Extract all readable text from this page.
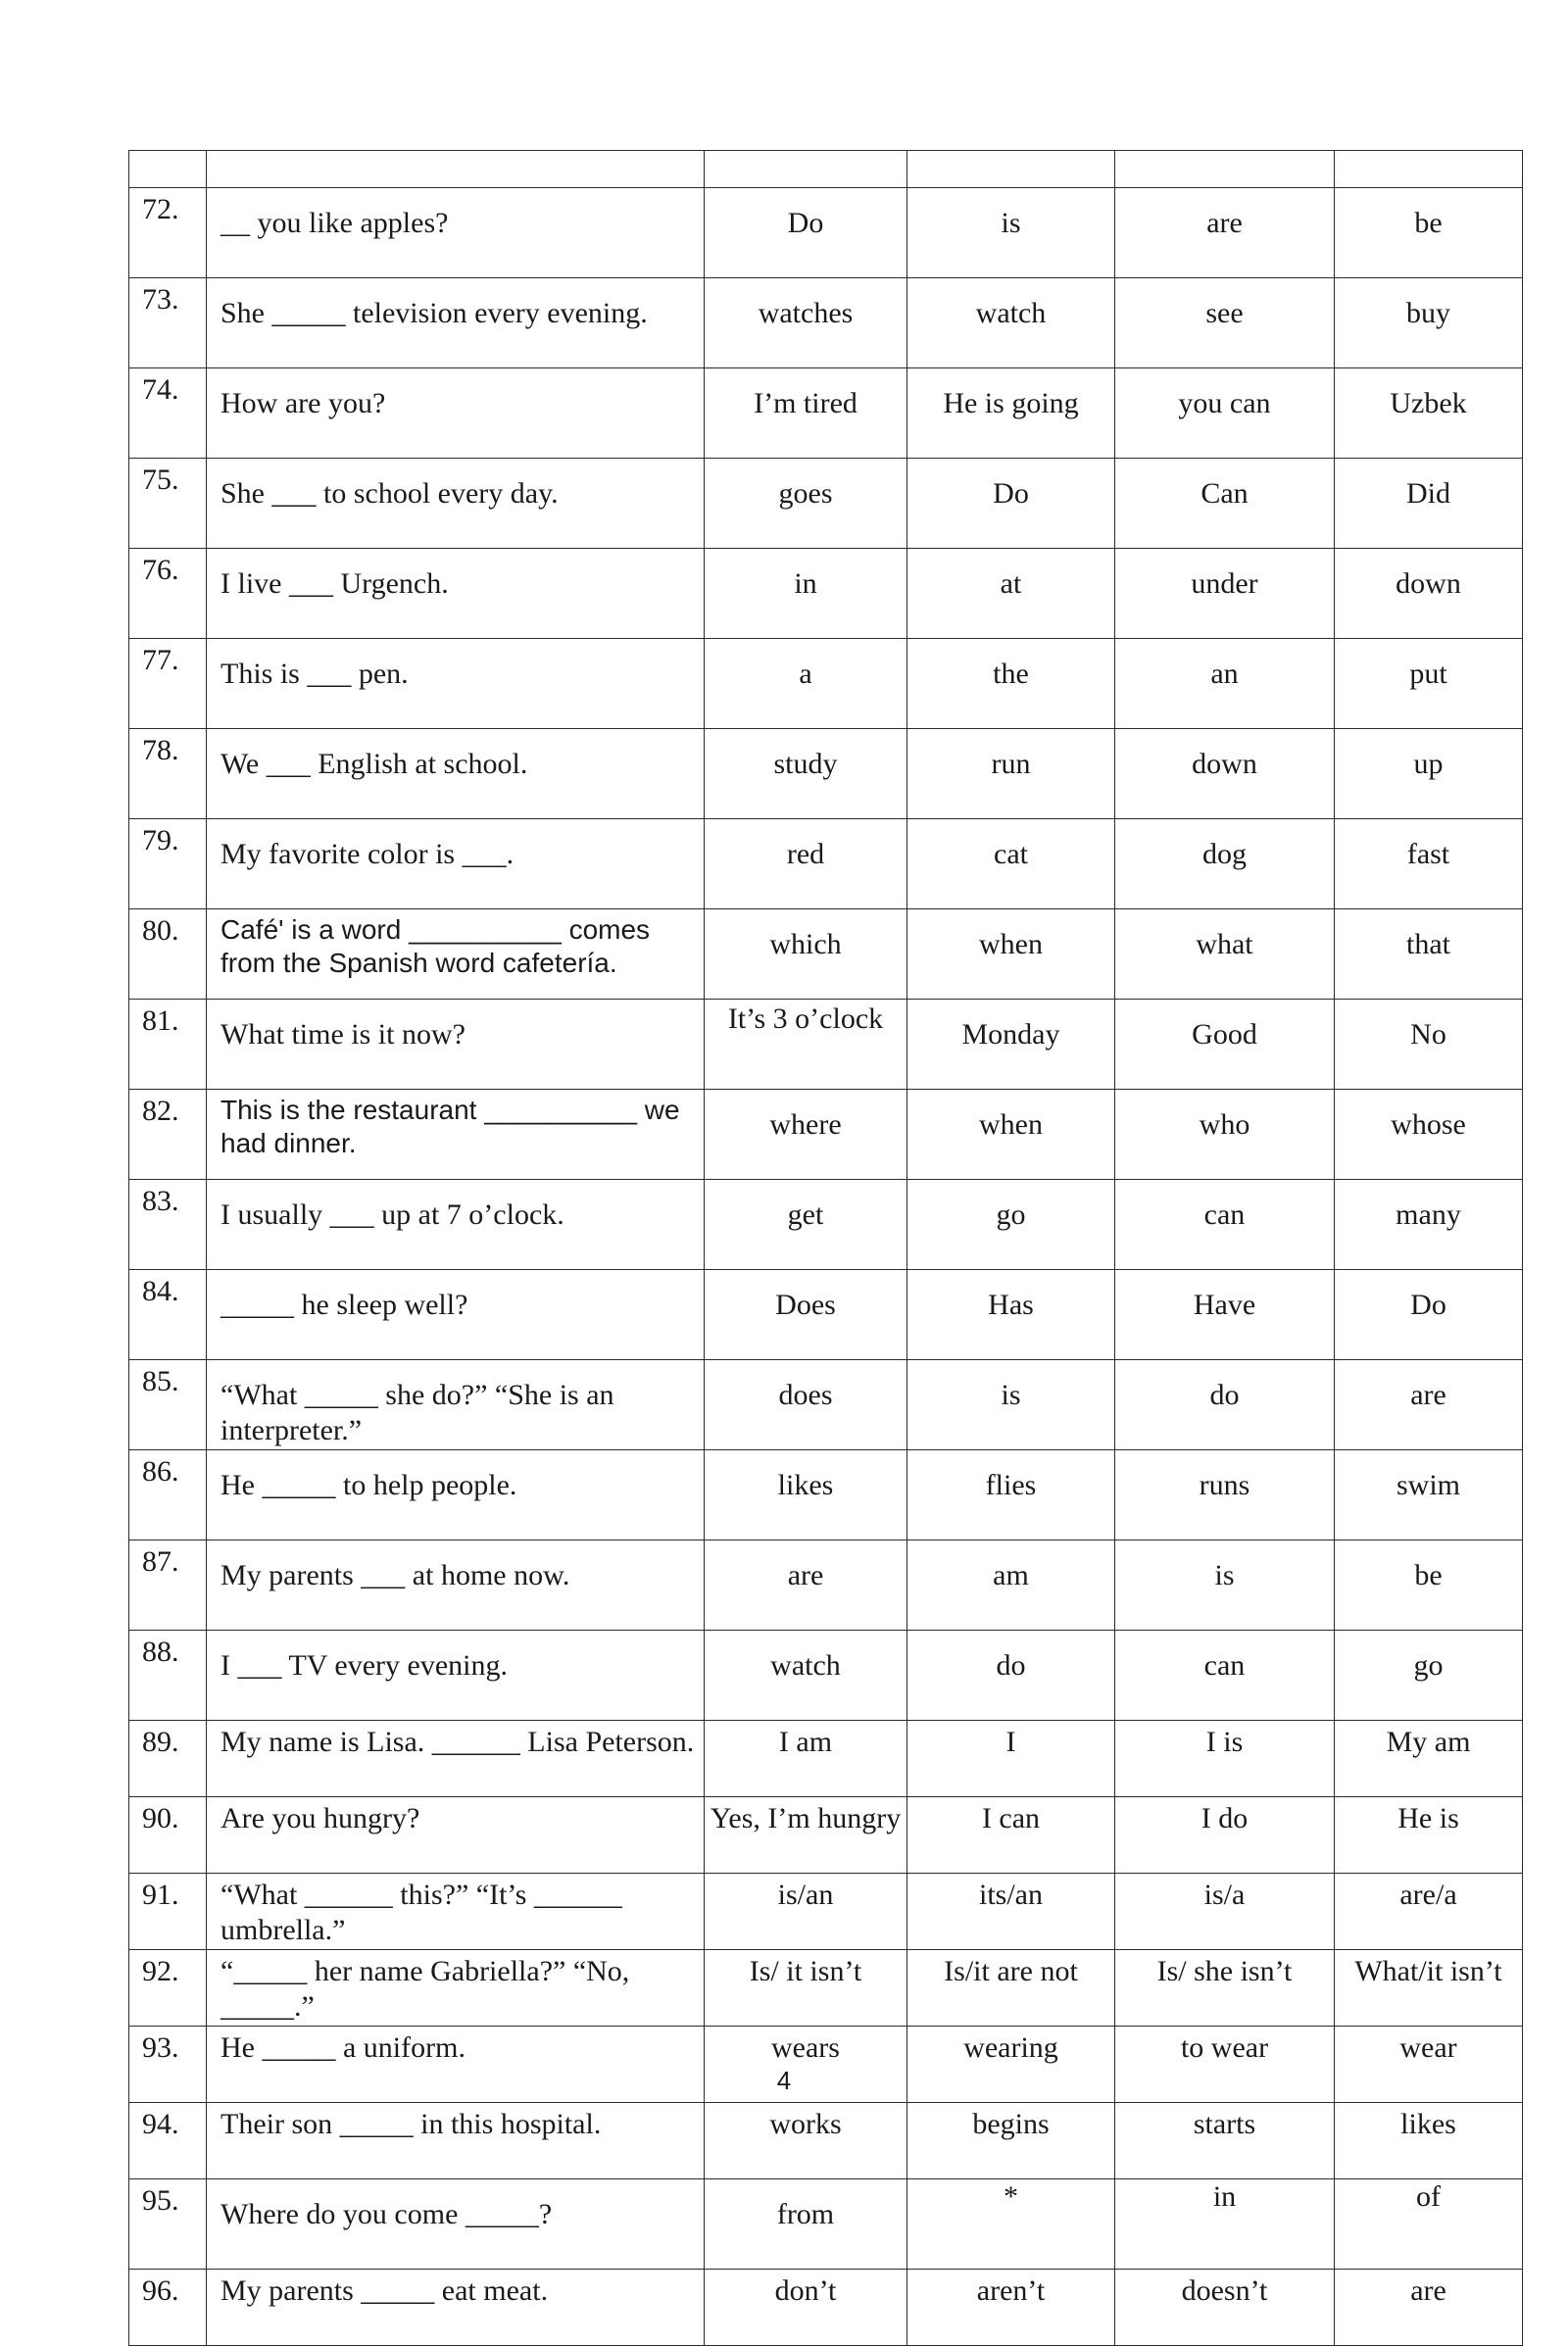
72.	__ you like apples?	Do	is	are	be
73.	She _____ television every evening.	watches	watch	see	buy
74.	How are you?	I’m tired	He is going	you can	Uzbek
75.	She ___ to school every day.	goes	Do	Can	Did
76.	I live ___ Urgench.	in	at	under	down
77.	This is ___ pen.	a	the	an	put
78.	We ___ English at school.	study	run	down	up
79.	My favorite color is ___.	red	cat	dog	fast
80.	Café' is a word __________ comes from the Spanish word cafetería.	which	when	what	that
81.	What time is it now?	It’s 3 o’clock	Monday	Good	No
82.	This is the restaurant __________ we had dinner.	where	when	who	whose
83.	I usually ___ up at 7 o’clock.	get	go	can	many
84.	_____ he sleep well?	Does	Has	Have	Do
85.	“What _____ she do?” “She is an interpreter.”	does	is	do	are
86.	He _____ to help people.	likes	flies	runs	swim
87.	My parents ___ at home now.	are	am	is	be
88.	I ___ TV every evening.	watch	do	can	go
89.	My name is Lisa. ______ Lisa Peterson.	I am	I	I is	My am
90.	Are you hungry?	Yes, I’m hungry	I can	I do	He is
91.	“What ______ this?” “It’s ______ umbrella.”	is/an	its/an	is/a	are/a
92.	“_____ her name Gabriella?” “No, _____.”	Is/ it isn’t	Is/it are not	Is/ she isn’t	What/it isn’t
93.	He _____ a uniform.	wears	wearing	to wear	wear
94.	Their son _____ in this hospital.	works	begins	starts	likes
95.	Where do you come _____?	from	*	in	of
96.	My parents _____ eat meat.	don’t	aren’t	doesn’t	are
4
